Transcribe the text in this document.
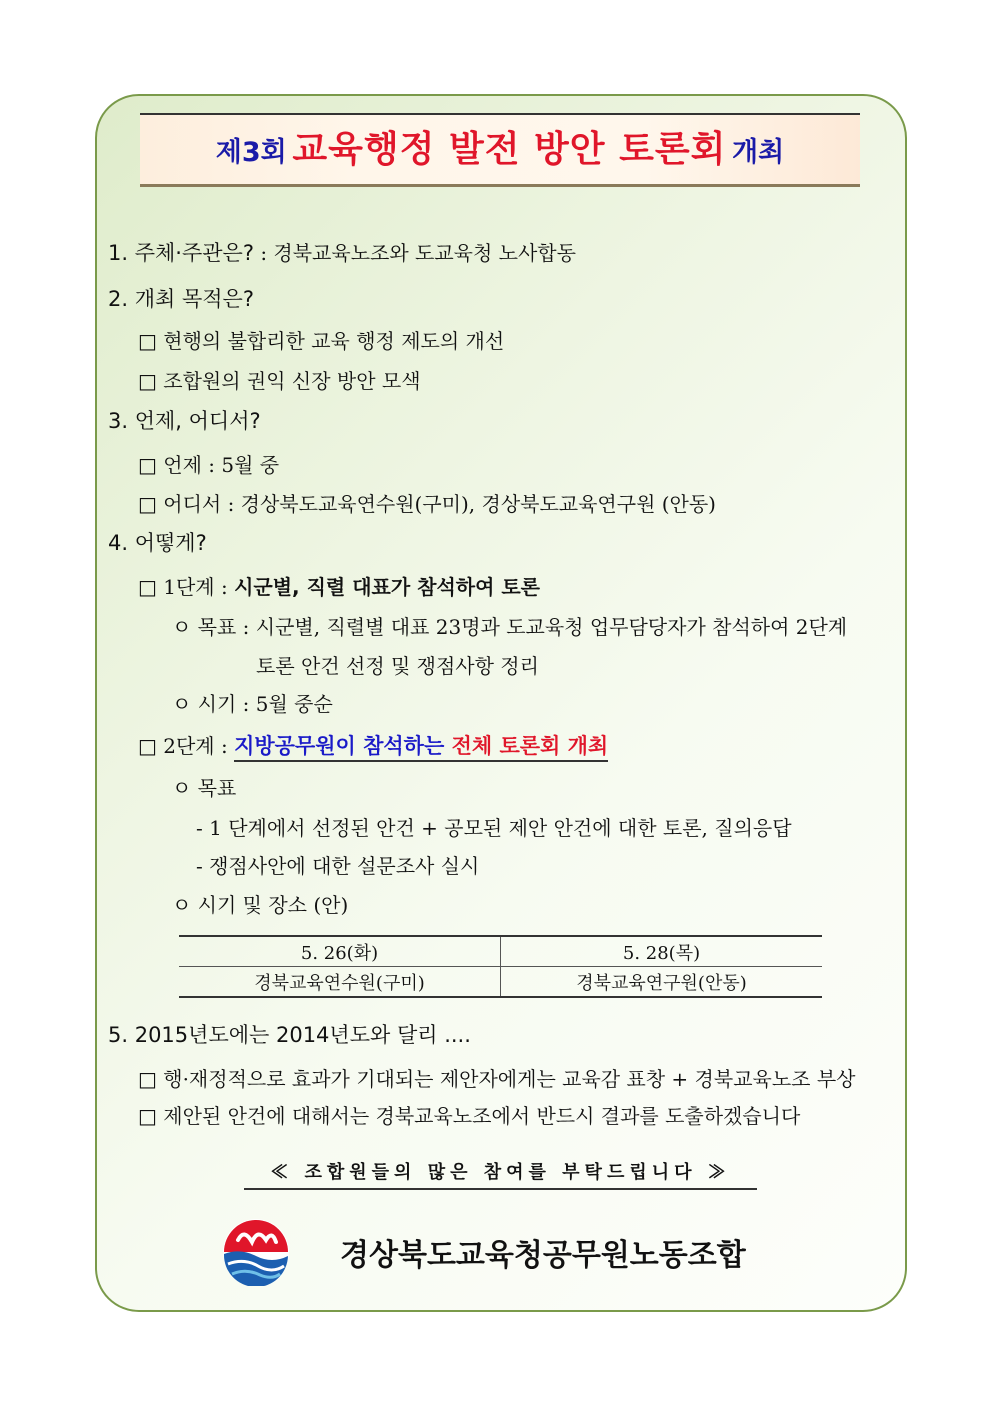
제3회 교육행정 발전 방안 토론회 개최
1. 주체·주관은? : 경북교육노조와 도교육청 노사합동
2. 개최 목적은?
□ 현행의 불합리한 교육 행정 제도의 개선
□ 조합원의 권익 신장 방안 모색
3. 언제, 어디서?
□ 언제 : 5월 중
□ 어디서 : 경상북도교육연수원(구미), 경상북도교육연구원 (안동)
4. 어떻게?
□ 1단계 : 시군별, 직렬 대표가 참석하여 토론
ㅇ 목표 : 시군별, 직렬별 대표 23명과 도교육청 업무담당자가 참석하여 2단계
토론 안건 선정 및 쟁점사항 정리
ㅇ 시기 : 5월 중순
□ 2단계 : 지방공무원이 참석하는 전체 토론회 개최
ㅇ 목표
- 1 단계에서 선정된 안건 + 공모된 제안 안건에 대한 토론, 질의응답
- 쟁점사안에 대한 설문조사 실시
ㅇ 시기 및 장소 (안)
5. 26(화)	5. 28(목)
경북교육연수원(구미)	경북교육연구원(안동)
5. 2015년도에는 2014년도와 달리 ....
□ 행·재정적으로 효과가 기대되는 제안자에게는 교육감 표창 + 경북교육노조 부상
□ 제안된 안건에 대해서는 경북교육노조에서 반드시 결과를 도출하겠습니다
≪ 조합원들의 많은 참여를 부탁드립니다 ≫
경상북도교육청공무원노동조합
